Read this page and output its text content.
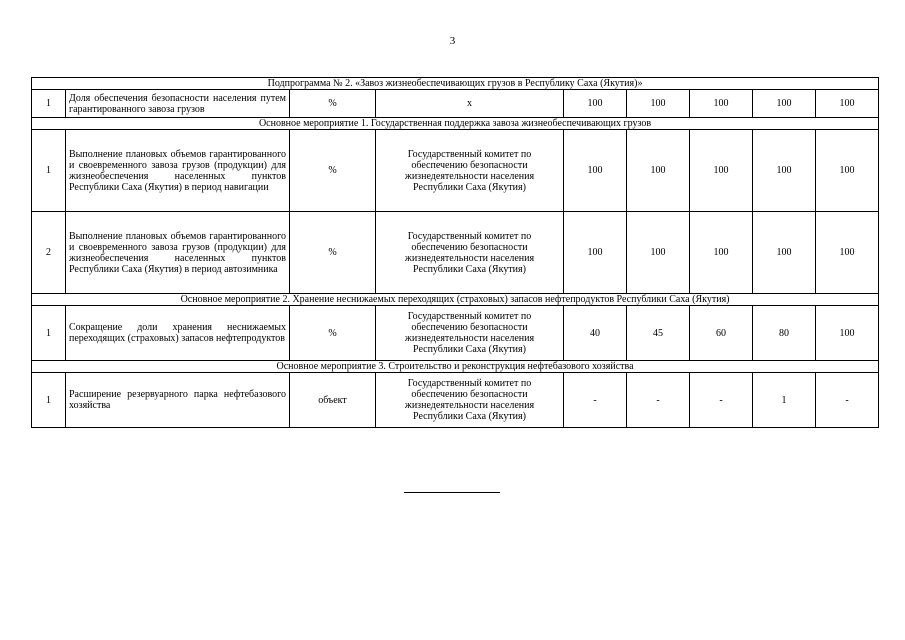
3
Подпрограмма № 2. «Завоз жизнеобеспечивающих грузов в Республику Саха (Якутия)»								
1	Доля обеспечения безопасности населения путем гарантированного завоза грузов	%	x	100	100	100	100	100
Основное мероприятие 1. Государственная поддержка завоза жизнеобеспечивающих грузов								
1	Выполнение плановых объемов гарантированного и своевременного завоза грузов (продукции) для жизнеобеспечения населенных пунктов Республики Саха (Якутия) в период навигации	%	Государственный комитет по обеспечению безопасности жизнедеятельности населения Республики Саха (Якутия)	100	100	100	100	100
2	Выполнение плановых объемов гарантированного и своевременного завоза грузов (продукции) для жизнеобеспечения населенных пунктов Республики Саха (Якутия) в период автозимника	%	Государственный комитет по обеспечению безопасности жизнедеятельности населения Республики Саха (Якутия)	100	100	100	100	100
Основное мероприятие 2. Хранение неснижаемых переходящих (страховых) запасов нефтепродуктов Республики Саха (Якутия)								
1	Сокращение доли хранения неснижаемых переходящих (страховых) запасов нефтепродуктов	%	Государственный комитет по обеспечению безопасности жизнедеятельности населения Республики Саха (Якутия)	40	45	60	80	100
Основное мероприятие 3. Строительство и реконструкция нефтебазового хозяйства								
1	Расширение резервуарного парка нефтебазового хозяйства	объект	Государственный комитет по обеспечению безопасности жизнедеятельности населения Республики Саха (Якутия)	-	-	-	1	-
